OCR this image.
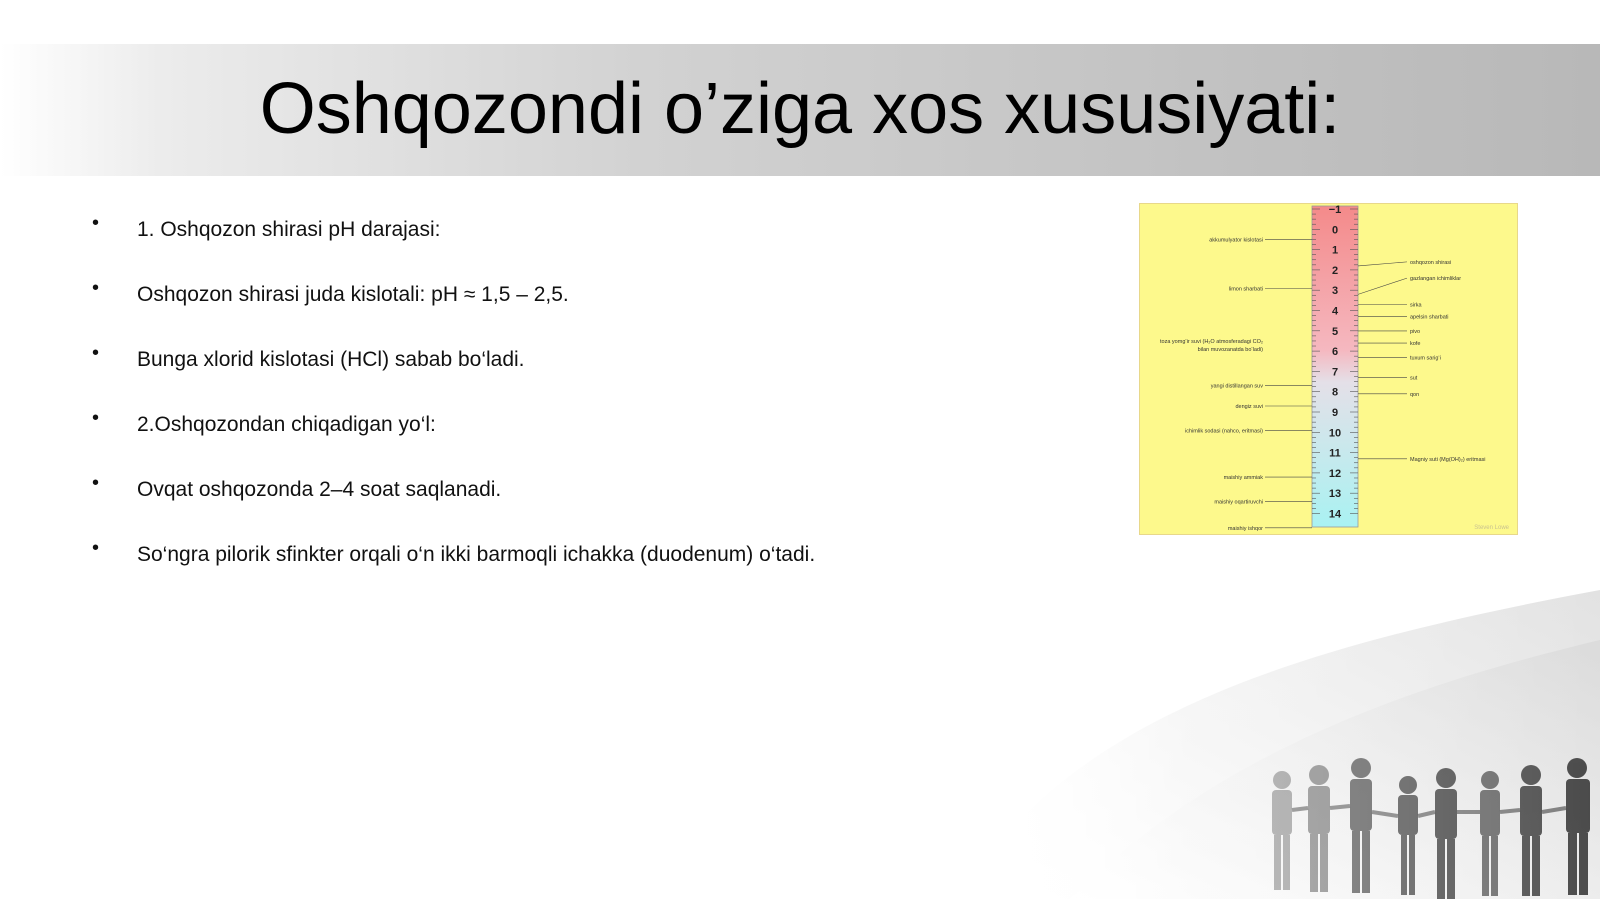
Oshqozondi o’ziga xos xususiyati:
• 1. Oshqozon shirasi pH darajasi:
• Oshqozon shirasi juda kislotali: pH ≈ 1,5 – 2,5.
• Bunga xlorid kislotasi (HCl) sabab bo‘ladi.
• 2.Oshqozondan chiqadigan yo‘l:
• Ovqat oshqozonda 2–4 soat saqlanadi.
• So‘ngra pilorik sfinkter orqali o‘n ikki barmoqli ichakka (duodenum) o‘tadi.
−1
0
1
2
3
4
5
6
7
8
9
10
11
12
13
14
akkumulyator kislotasi
limon sharbati
toza yomg‘ir suvi (H₂O atmosferadagi CO₂
bilan muvozanatda bo‘ladi)
yangi distillangan suv
dengiz suvi
ichimlik sodasi (nahco, eritmasi)
maishiy ammiak
maishiy oqartiruvchi
maishiy ishqor
oshqozon shirasi
gazlangan ichimliklar
sirka
apelsin sharbati
pivo
kofe
tuxum sarig‘i
sut
qon
Magniy suti (Mg(OH)₂) eritmasi
Steven Lowe
